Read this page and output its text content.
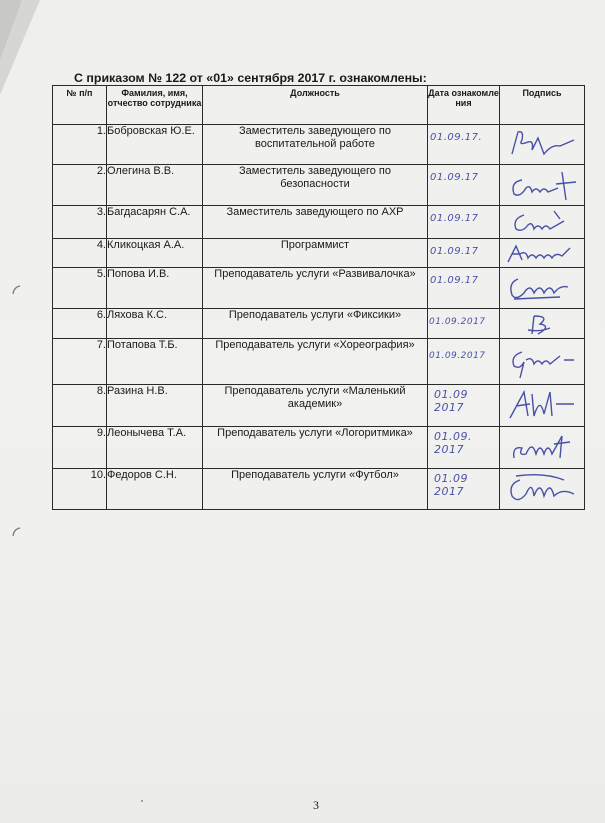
С приказом № 122 от «01» сентября 2017 г. ознакомлены:
№ п/п	Фамилия, имя, отчество сотрудника	Должность	Дата ознакомле ния	Подпись
1.	Бобровская Ю.Е.	Заместитель заведующего по воспитательной работе	01.09.17.

2.	Олегина В.В.	Заместитель заведующего по безопасности	01.09.17

3.	Багдасарян С.А.	Заместитель заведующего по АХР	01.09.17

4.	Кликоцкая А.А.	Программист	01.09.17

5.	Попова И.В.	Преподаватель услуги «Развивалочка»	01.09.17

6.	Ляхова К.С.	Преподаватель услуги «Фиксики»	01.09.2017

7.	Потапова Т.Б.	Преподаватель услуги «Хореография»	01.09.2017

8.	Разина Н.В.	Преподаватель услуги «Маленький академик»	01.09
2017

9.	Леонычева Т.А.	Преподаватель услуги «Логоритмика»	01.09.
2017

10.	Федоров С.Н.	Преподаватель услуги «Футбол»	01.09
2017

3
